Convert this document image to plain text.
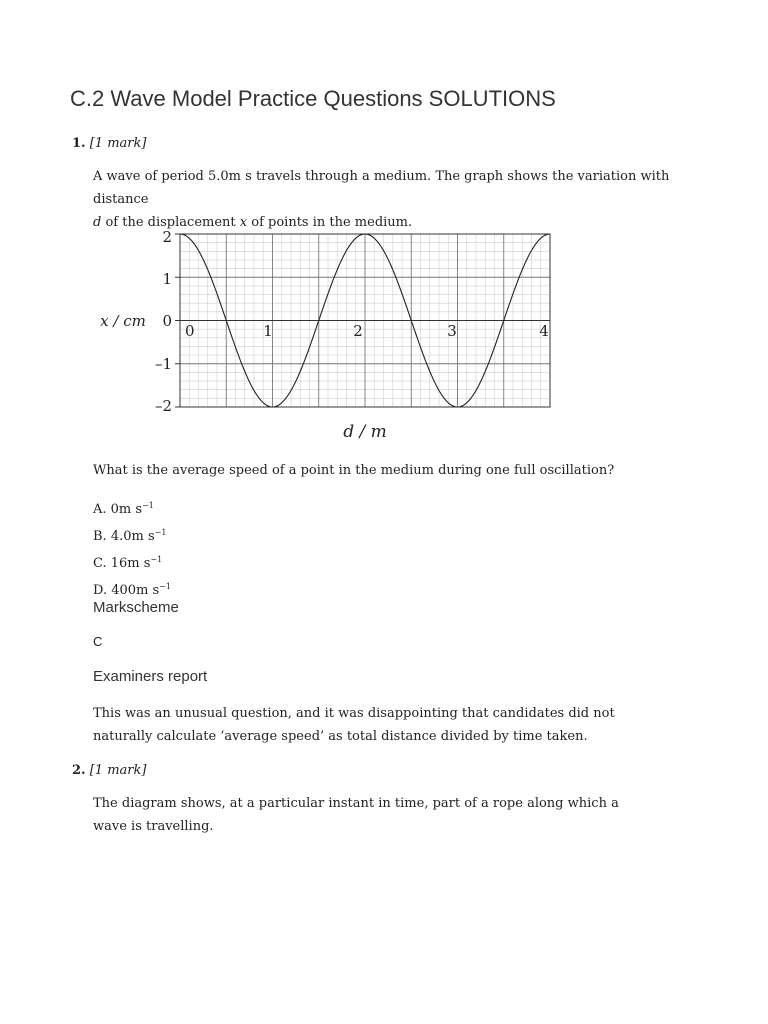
C.2 Wave Model Practice Questions SOLUTIONS
1. [1 mark]

A wave of period 5.0m s travels through a medium. The graph shows the variation with distance
d of the displacement x of points in the medium.

2
1
0
–1
–2
0	1	2	3	4
x / cm
d / m

What is the average speed of a point in the medium during one full oscillation?

A. 0m $s^{-1}$
B. 4.0m $s^{-1}$
C. 16m $s^{-1}$
D. 400m $s^{-1}$
Markscheme
C
Examiners report

This was an unusual question, and it was disappointing that candidates did not naturally calculate ‘average speed’ as total distance divided by time taken.

2. [1 mark]

The diagram shows, at a particular instant in time, part of a rope along which a wave is travelling.
